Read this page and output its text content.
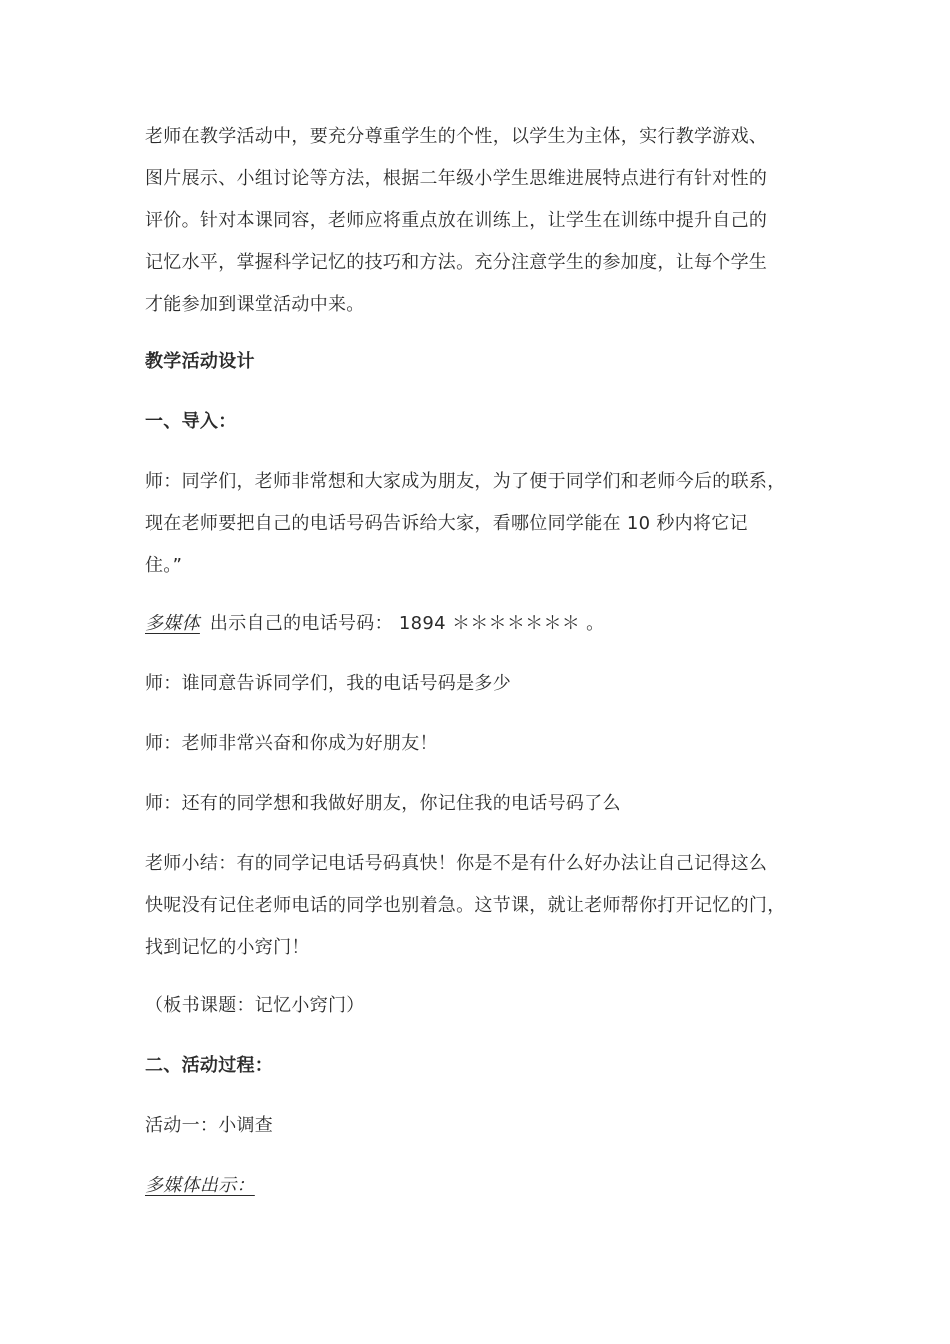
老师在教学活动中，要充分尊重学生的个性，以学生为主体，实行教学游戏、
图片展示、小组讨论等方法，根据二年级小学生思维进展特点进行有针对性的
评价。针对本课同容，老师应将重点放在训练上，让学生在训练中提升自己的
记忆水平，掌握科学记忆的技巧和方法。充分注意学生的参加度，让每个学生
才能参加到课堂活动中来。
教学活动设计
一、导入：
师：同学们，老师非常想和大家成为朋友，为了便于同学们和老师今后的联系，
现在老师要把自己的电话号码告诉给大家，看哪位同学能在 10 秒内将它记
住。”
多媒体 出示自己的电话号码： 1894 ＊＊＊＊＊＊＊ 。
师：谁同意告诉同学们，我的电话号码是多少
师：老师非常兴奋和你成为好朋友！
师：还有的同学想和我做好朋友，你记住我的电话号码了么
老师小结：有的同学记电话号码真快！你是不是有什么好办法让自己记得这么
快呢没有记住老师电话的同学也别着急。这节课，就让老师帮你打开记忆的门，
找到记忆的小窍门！
（板书课题：记忆小窍门）
二、活动过程：
活动一：小调查
多媒体出示：
